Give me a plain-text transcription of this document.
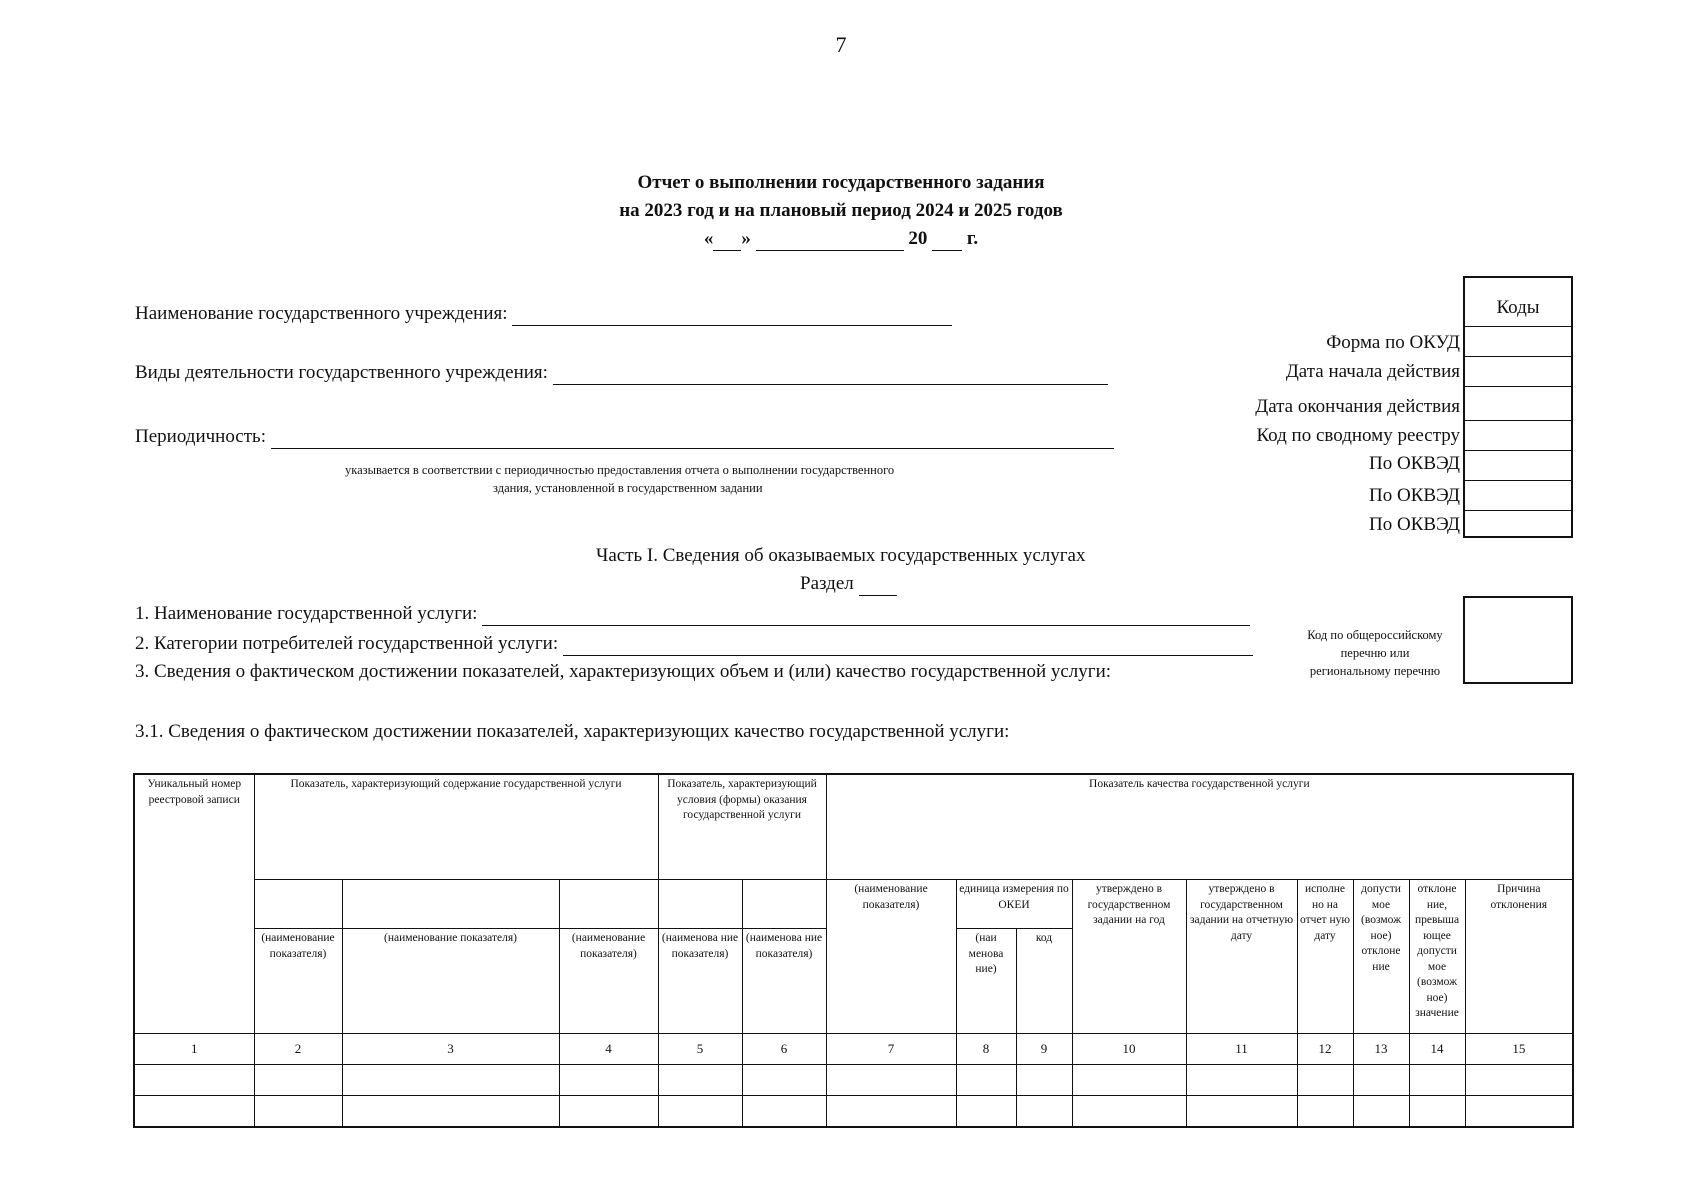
7
Отчет о выполнении государственного задания
на 2023 год и на плановый период 2024 и 2025 годов
« »	20 г.
Наименование государственного учреждения:
Виды деятельности государственного учреждения:
Периодичность:
указывается в соответствии с периодичностью предоставления отчета о выполнении государственного
здания, установленной в государственном задании
Коды
Форма по ОКУД
Дата начала действия
Дата окончания действия
Код по сводному реестру
По ОКВЭД
По ОКВЭД
По ОКВЭД
Часть I. Сведения об оказываемых государственных услугах
Раздел
1. Наименование государственной услуги:
2. Категории потребителей государственной услуги:
3. Сведения о фактическом достижении показателей, характеризующих объем и (или) качество государственной услуги:
Код по общероссийскому
перечню или
региональному перечню
3.1. Сведения о фактическом достижении показателей, характеризующих качество государственной услуги:
Уникальный номер реестровой записи	Показатель, характеризующий содержание государственной услуги			Показатель, характеризующий условия (формы) оказания государственной услуги		Показатель качества государственной услуги								
						(наименование показателя)	единица измерения по ОКЕИ		утверждено в государственном задании на год	утверждено в государственном задании на отчетную дату	исполне но на отчет ную дату	допусти мое (возмож ное) отклоне ние	отклоне ние, превыша ющее допусти мое (возмож ное) значение	Причина отклонения
	(наименование показателя)	(наименование показателя)	(наименование показателя)	(наименова ние показателя)	(наименова ние показателя)		(наи менова ние)	код						
1	2	3	4	5	6	7	8	9	10	11	12	13	14	15
